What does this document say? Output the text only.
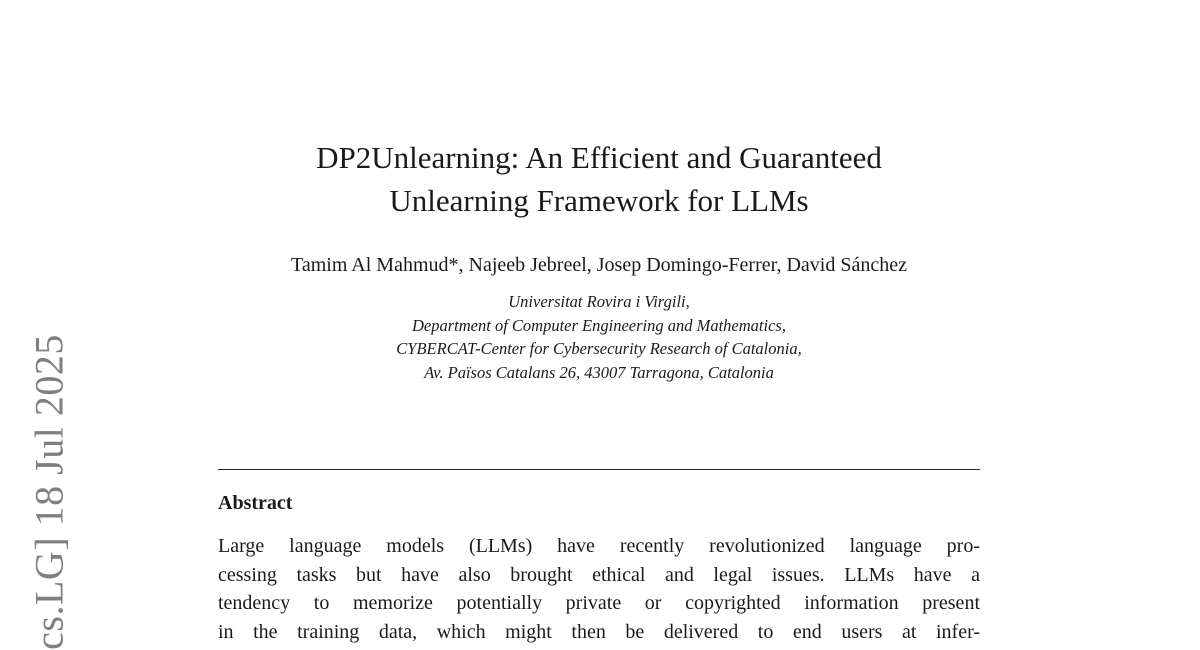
cs.LG] 18 Jul 2025
DP2Unlearning: An Efficient and Guaranteed
Unlearning Framework for LLMs
Tamim Al Mahmud*, Najeeb Jebreel, Josep Domingo-Ferrer, David Sánchez
Universitat Rovira i Virgili,
Department of Computer Engineering and Mathematics,
CYBERCAT-Center for Cybersecurity Research of Catalonia,
Av. Països Catalans 26, 43007 Tarragona, Catalonia
Abstract
Large language models (LLMs) have recently revolutionized language pro-
cessing tasks but have also brought ethical and legal issues. LLMs have a
tendency to memorize potentially private or copyrighted information present
in the training data, which might then be delivered to end users at infer-
